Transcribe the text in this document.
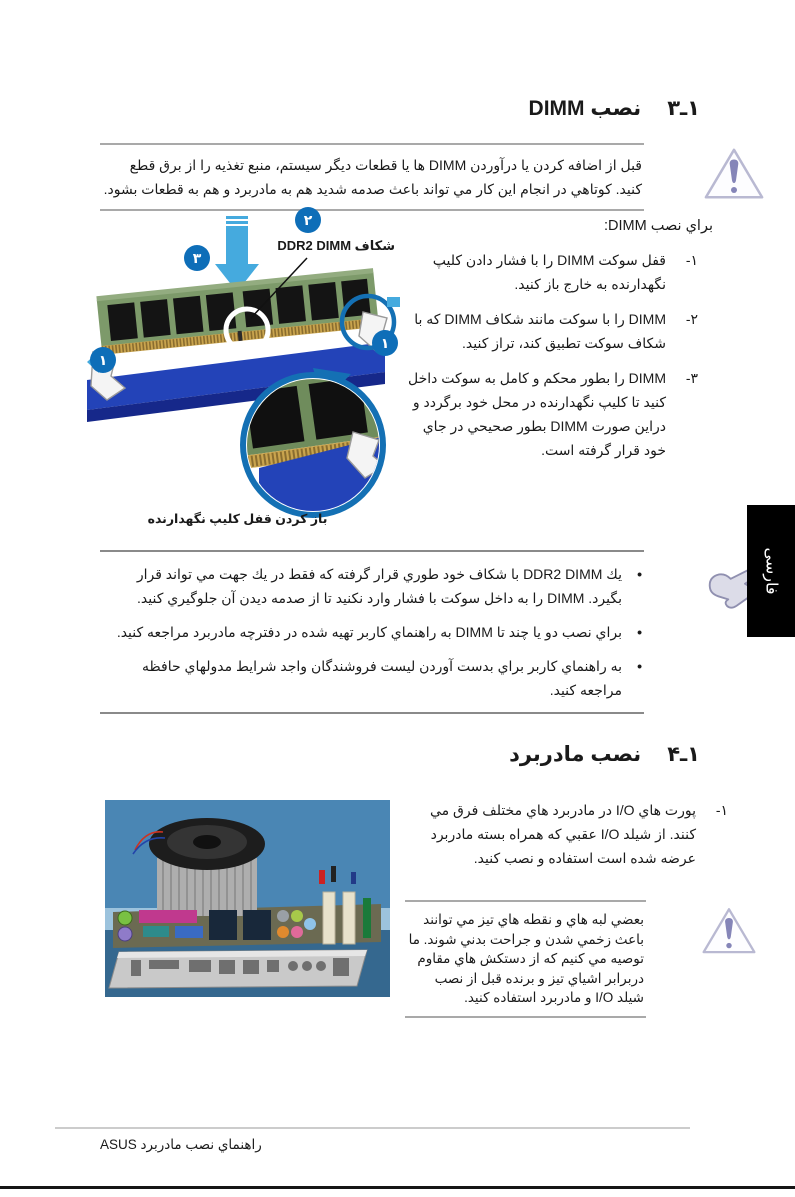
۳ـ۱
نصب DIMM
قبل از اضافه كردن يا درآوردن DIMM ها يا قطعات ديگر سيستم، منبع تغذيه را از برق قطع كنيد. كوتاهي در انجام اين كار مي تواند باعث صدمه شديد هم به مادربرد و هم به قطعات بشود.
براي نصب DIMM:
-۱
قفل سوكت DIMM را با فشار دادن كليپ نگهدارنده به خارج باز كنيد.
-۲
DIMM را با سوكت مانند شكاف DIMM كه با شكاف سوكت تطبيق كند، تراز كنيد.
-۳
DIMM را بطور محكم و كامل به سوكت داخل كنيد تا كليپ نگهدارنده در محل خود برگردد و دراين صورت DIMM بطور صحيحي در جاي خود قرار گرفته است.
۲
۳
۱
۱
شكاف DDR2 DIMM
باز كردن قفل كليپ نگهدارنده
•
يك DDR2 DIMM با شكاف خود طوري قرار گرفته كه فقط در يك جهت مي تواند قرار بگيرد. DIMM را به داخل سوكت با فشار وارد نكنيد تا از صدمه ديدن آن جلوگيري كنيد.
•
براي نصب دو يا چند تا DIMM به راهنماي كاربر تهيه شده در دفترچه مادربرد مراجعه كنيد.
•
به راهنماي كاربر براي بدست آوردن ليست فروشندگان واجد شرايط مدولهاي حافظه مراجعه كنيد.
۴ـ۱
نصب مادربرد
-۱
پورت هاي I/O در مادربرد هاي مختلف فرق مي كنند. از شيلد I/O عقبي كه همراه بسته مادربرد عرضه شده است استفاده و نصب كنيد.
بعضي لبه هاي و نقطه هاي تيز مي توانند باعث زخمي شدن و جراحت بدني شوند. ما توصيه مي كنيم كه از دستكش هاي مقاوم دربرابر اشياي تيز و برنده قبل از نصب شيلد I/O و مادربرد استفاده كنيد.
فارسی
راهنماي نصب مادربرد ASUS
